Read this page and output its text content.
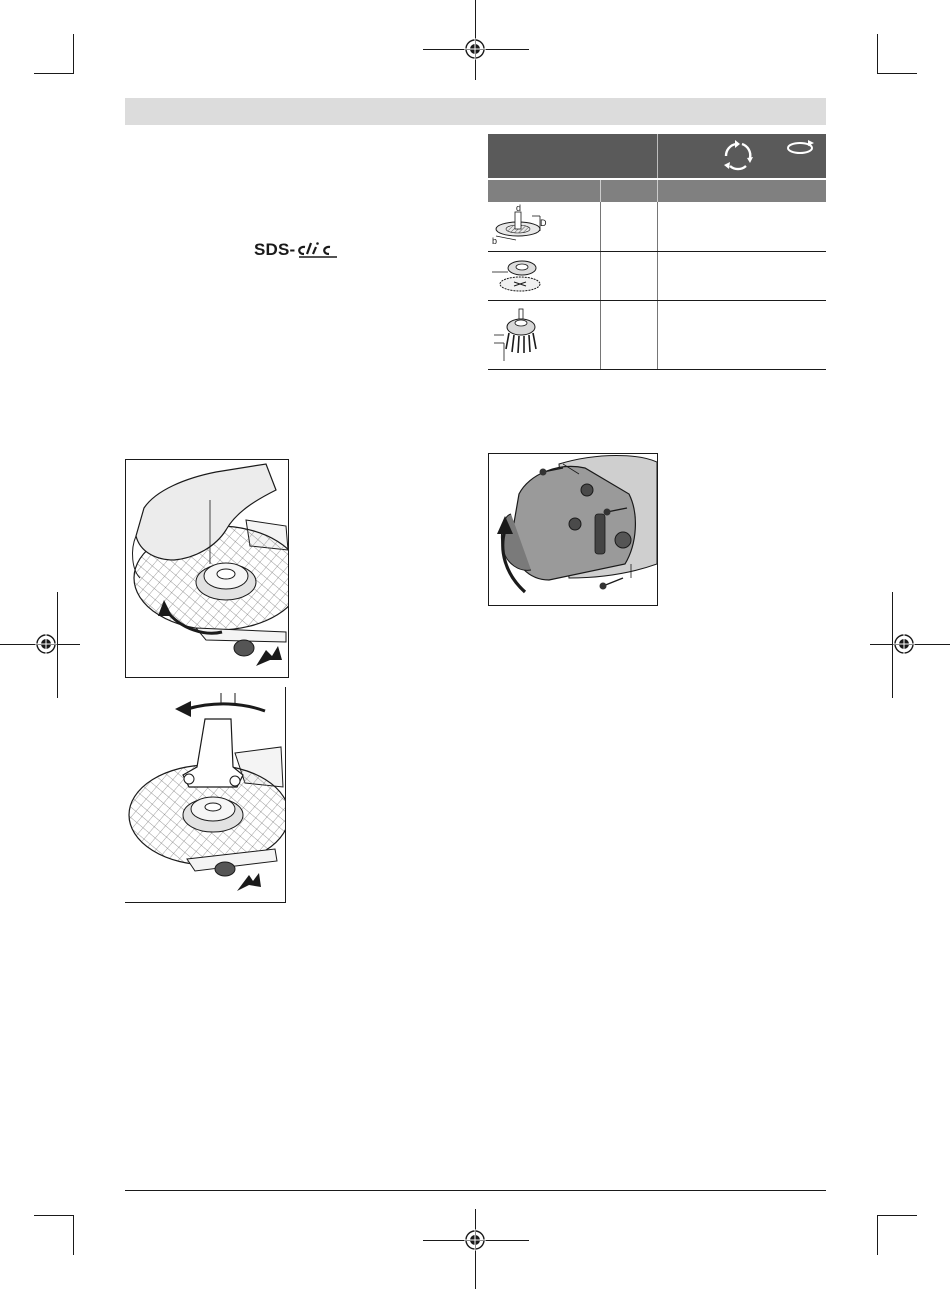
SDS-
d
D
b
